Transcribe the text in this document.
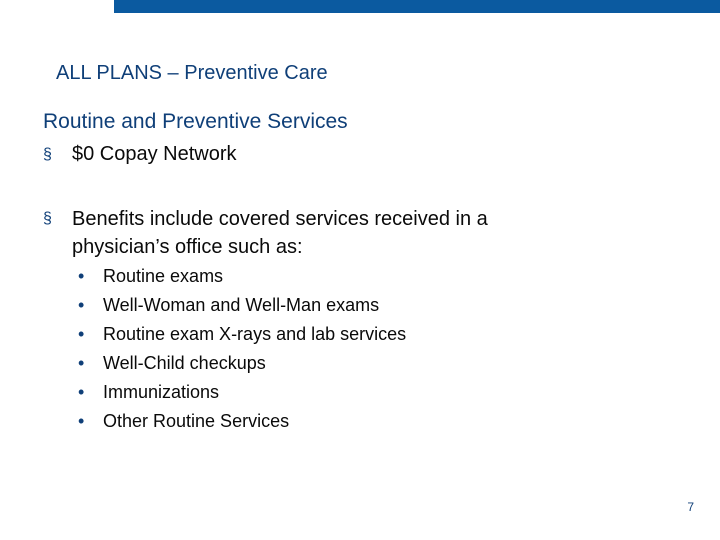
ALL PLANS – Preventive Care
Routine and Preventive Services
§	$0 Copay Network
§	Benefits include covered services received in a
physician’s office such as:
• Routine exams
• Well-Woman and Well-Man exams
• Routine exam X-rays and lab services
• Well-Child checkups
• Immunizations
• Other Routine Services
7
